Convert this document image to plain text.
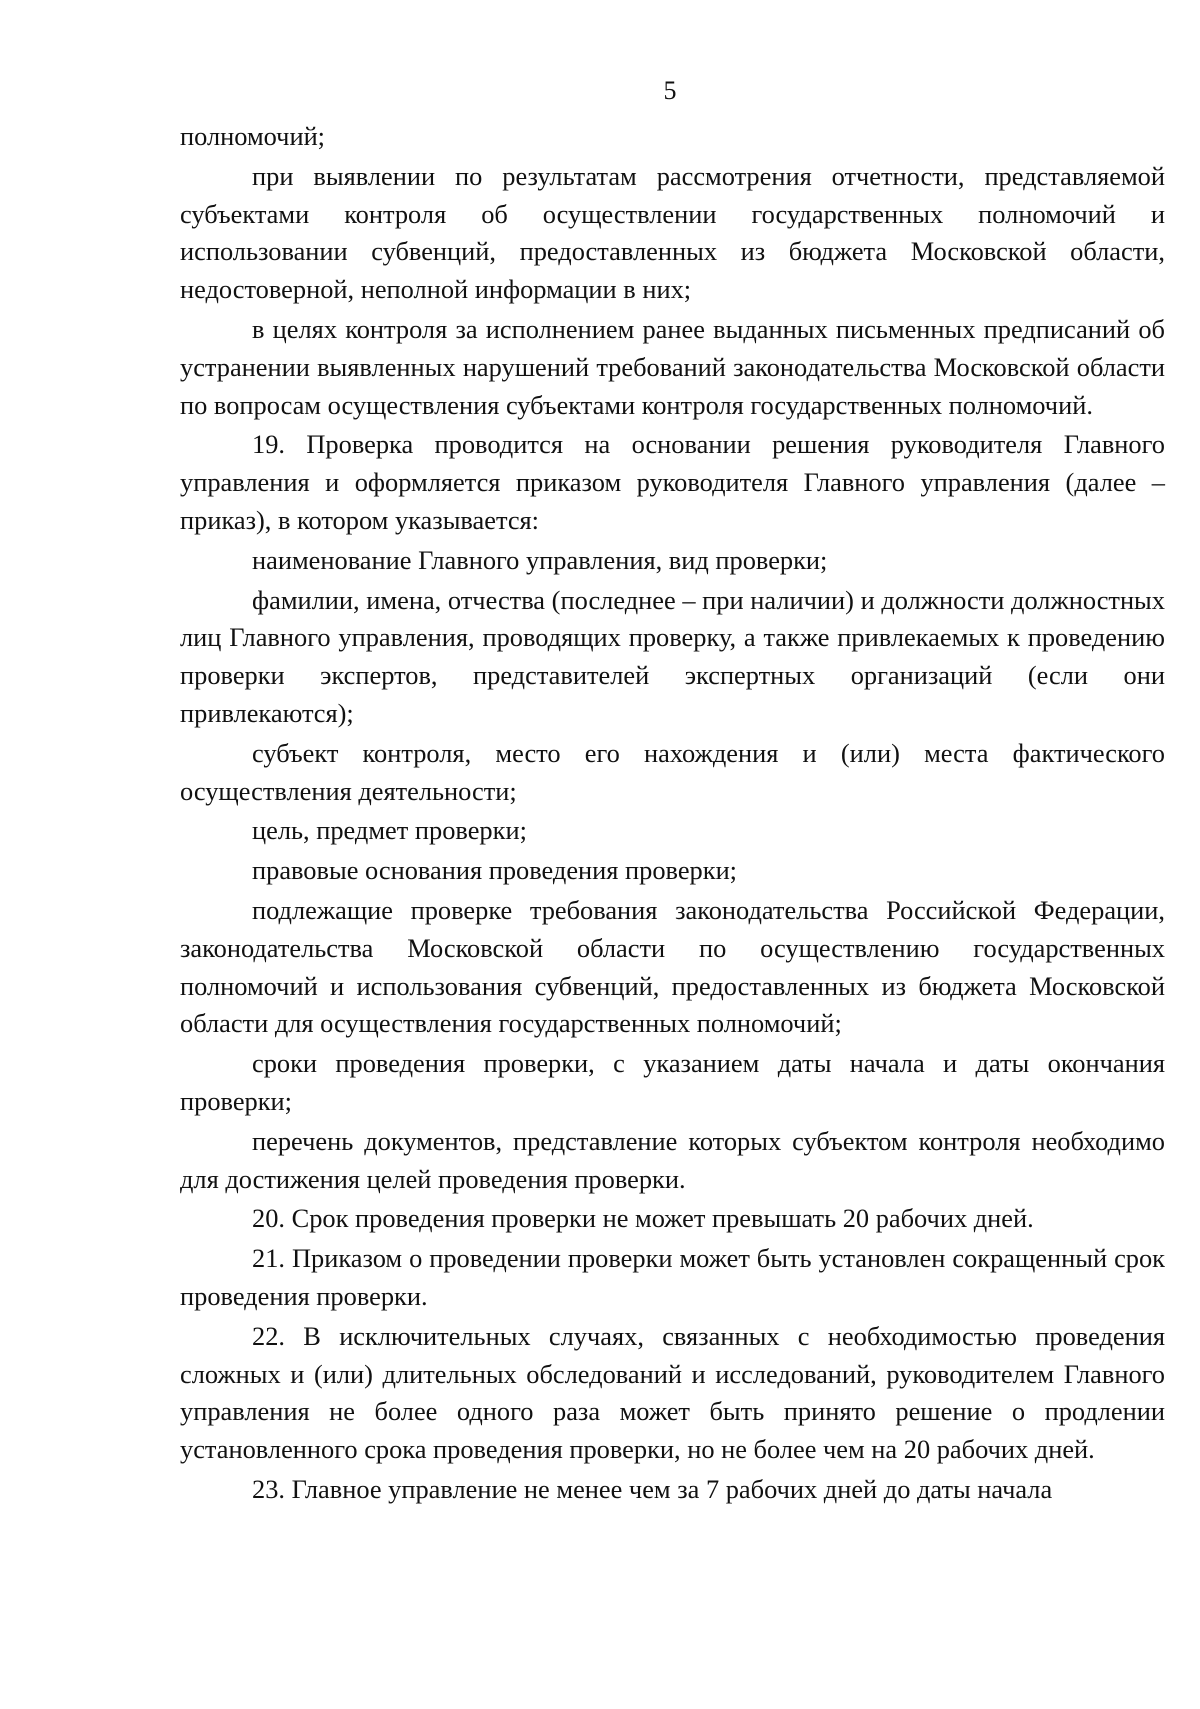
5

полномочий;

при выявлении по результатам рассмотрения отчетности, представляемой субъектами контроля об осуществлении государственных полномочий и использовании субвенций, предоставленных из бюджета Московской области, недостоверной, неполной информации в них;

в целях контроля за исполнением ранее выданных письменных предписаний об устранении выявленных нарушений требований законодательства Московской области по вопросам осуществления субъектами контроля государственных полномочий.

19. Проверка проводится на основании решения руководителя Главного управления и оформляется приказом руководителя Главного управления (далее – приказ), в котором указывается:

наименование Главного управления, вид проверки;

фамилии, имена, отчества (последнее – при наличии) и должности должностных лиц Главного управления, проводящих проверку, а также привлекаемых к проведению проверки экспертов, представителей экспертных организаций (если они привлекаются);

субъект контроля, место его нахождения и (или) места фактического осуществления деятельности;

цель, предмет проверки;

правовые основания проведения проверки;

подлежащие проверке требования законодательства Российской Федерации, законодательства Московской области по осуществлению государственных полномочий и использования субвенций, предоставленных из бюджета Московской области для осуществления государственных полномочий;

сроки проведения проверки, с указанием даты начала и даты окончания проверки;

перечень документов, представление которых субъектом контроля необходимо для достижения целей проведения проверки.

20. Срок проведения проверки не может превышать 20 рабочих дней.

21. Приказом о проведении проверки может быть установлен сокращенный срок проведения проверки.

22. В исключительных случаях, связанных с необходимостью проведения сложных и (или) длительных обследований и исследований, руководителем Главного управления не более одного раза может быть принято решение о продлении установленного срока проведения проверки, но не более чем на 20 рабочих дней.

23. Главное управление не менее чем за 7 рабочих дней до даты начала
